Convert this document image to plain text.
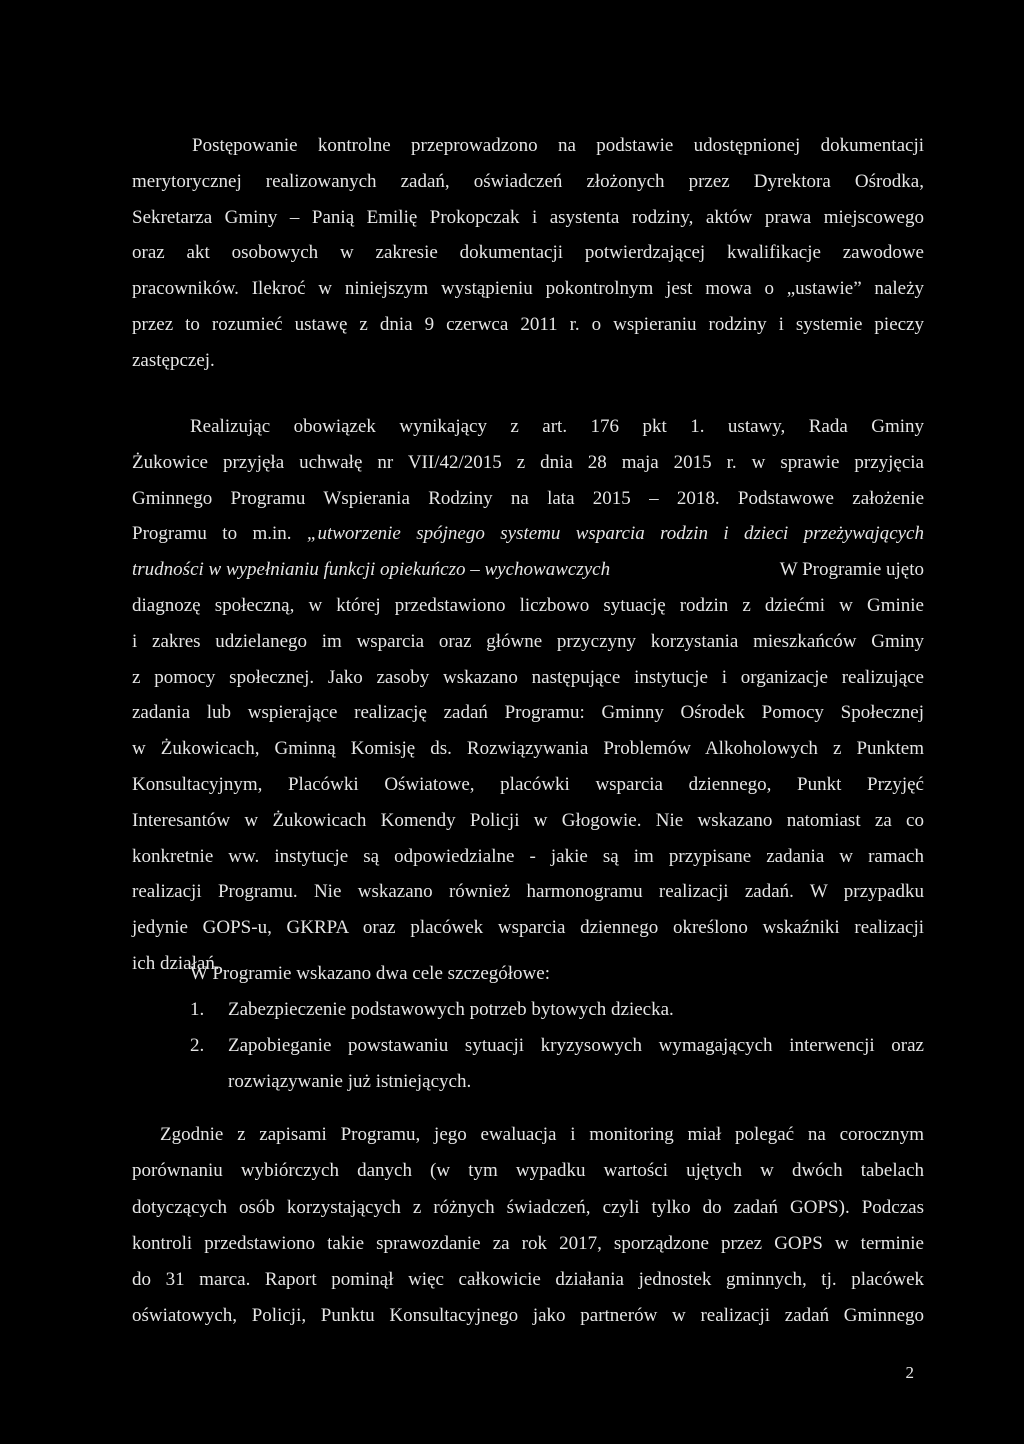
Postępowanie kontrolne przeprowadzono na podstawie udostępnionej dokumentacji
merytorycznej realizowanych zadań, oświadczeń złożonych przez Dyrektora Ośrodka,
Sekretarza Gminy – Panią Emilię Prokopczak i asystenta rodziny, aktów prawa miejscowego
oraz akt osobowych w zakresie dokumentacji potwierdzającej kwalifikacje zawodowe
pracowników. Ilekroć w niniejszym wystąpieniu pokontrolnym jest mowa o „ustawie” należy
przez to rozumieć ustawę z dnia 9 czerwca 2011 r. o wspieraniu rodziny i systemie pieczy
zastępczej.
Realizując obowiązek wynikający z art. 176 pkt 1. ustawy, Rada Gminy
Żukowice przyjęła uchwałę nr VII/42/2015 z dnia 28 maja 2015 r. w sprawie przyjęcia
Gminnego Programu Wspierania Rodziny na lata 2015 – 2018. Podstawowe założenie
Programu to m.in. „utworzenie spójnego systemu wsparcia rodzin i dzieci przeżywających
trudności w wypełnianiu funkcji opiekuńczo – wychowawczych	W Programie ujęto
diagnozę społeczną, w której przedstawiono liczbowo sytuację rodzin z dziećmi w Gminie
i zakres udzielanego im wsparcia oraz główne przyczyny korzystania mieszkańców Gminy
z pomocy społecznej. Jako zasoby wskazano następujące instytucje i organizacje realizujące
zadania lub wspierające realizację zadań Programu: Gminny Ośrodek Pomocy Społecznej
w Żukowicach, Gminną Komisję ds. Rozwiązywania Problemów Alkoholowych z Punktem
Konsultacyjnym, Placówki Oświatowe, placówki wsparcia dziennego, Punkt Przyjęć
Interesantów w Żukowicach Komendy Policji w Głogowie. Nie wskazano natomiast za co
konkretnie ww. instytucje są odpowiedzialne - jakie są im przypisane zadania w ramach
realizacji Programu. Nie wskazano również harmonogramu realizacji zadań. W przypadku
jedynie GOPS-u, GKRPA oraz placówek wsparcia dziennego określono wskaźniki realizacji
ich działań.
W Programie wskazano dwa cele szczegółowe:
1.	Zabezpieczenie podstawowych potrzeb bytowych dziecka.
2.	Zapobieganie powstawaniu sytuacji kryzysowych wymagających interwencji oraz
rozwiązywanie już istniejących.
Zgodnie z zapisami Programu, jego ewaluacja i monitoring miał polegać na corocznym
porównaniu wybiórczych danych (w tym wypadku wartości ujętych w dwóch tabelach
dotyczących osób korzystających z różnych świadczeń, czyli tylko do zadań GOPS). Podczas
kontroli przedstawiono takie sprawozdanie za rok 2017, sporządzone przez GOPS w terminie
do 31 marca. Raport pominął więc całkowicie działania jednostek gminnych, tj. placówek
oświatowych, Policji, Punktu Konsultacyjnego jako partnerów w realizacji zadań Gminnego
2
